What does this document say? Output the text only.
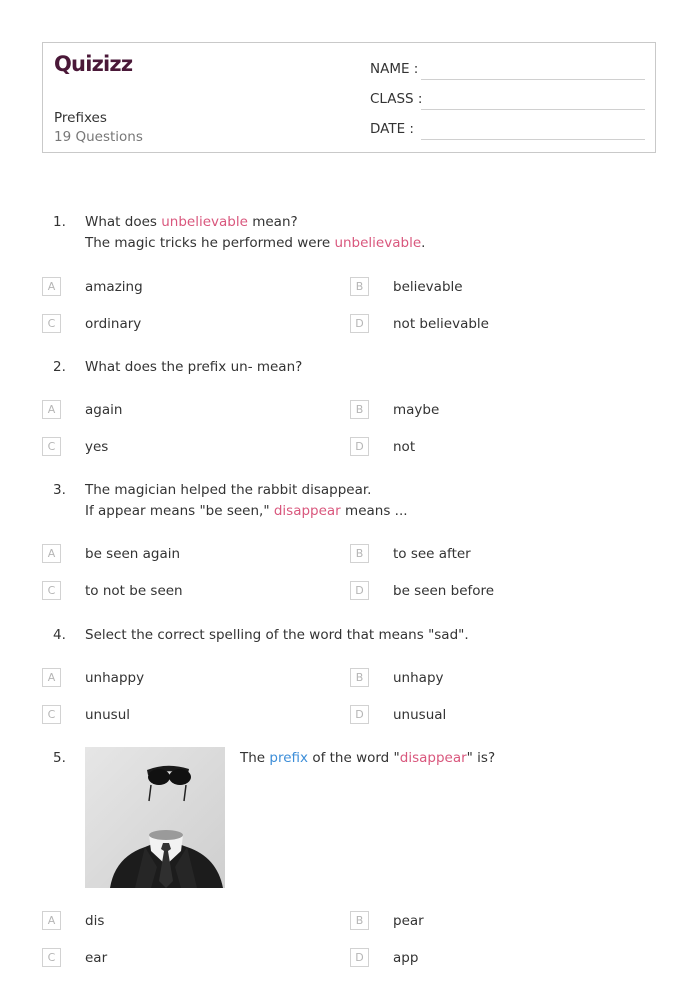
Quizizz
Prefixes
19 Questions
NAME :
CLASS :
DATE :
1. What does unbelievable mean?
The magic tricks he performed were unbelievable.
A	amazing	B	believable
C	ordinary	D	not believable
2. What does the prefix un- mean?
A	again	B	maybe
C	yes	D	not
3. The magician helped the rabbit disappear.
If appear means "be seen," disappear means ...
A	be seen again	B	to see after
C	to not be seen	D	be seen before
4. Select the correct spelling of the word that means "sad".
A	unhappy	B	unhapy
C	unusul	D	unusual
5.	The prefix of the word "disappear" is?
A	dis	B	pear
C	ear	D	app
